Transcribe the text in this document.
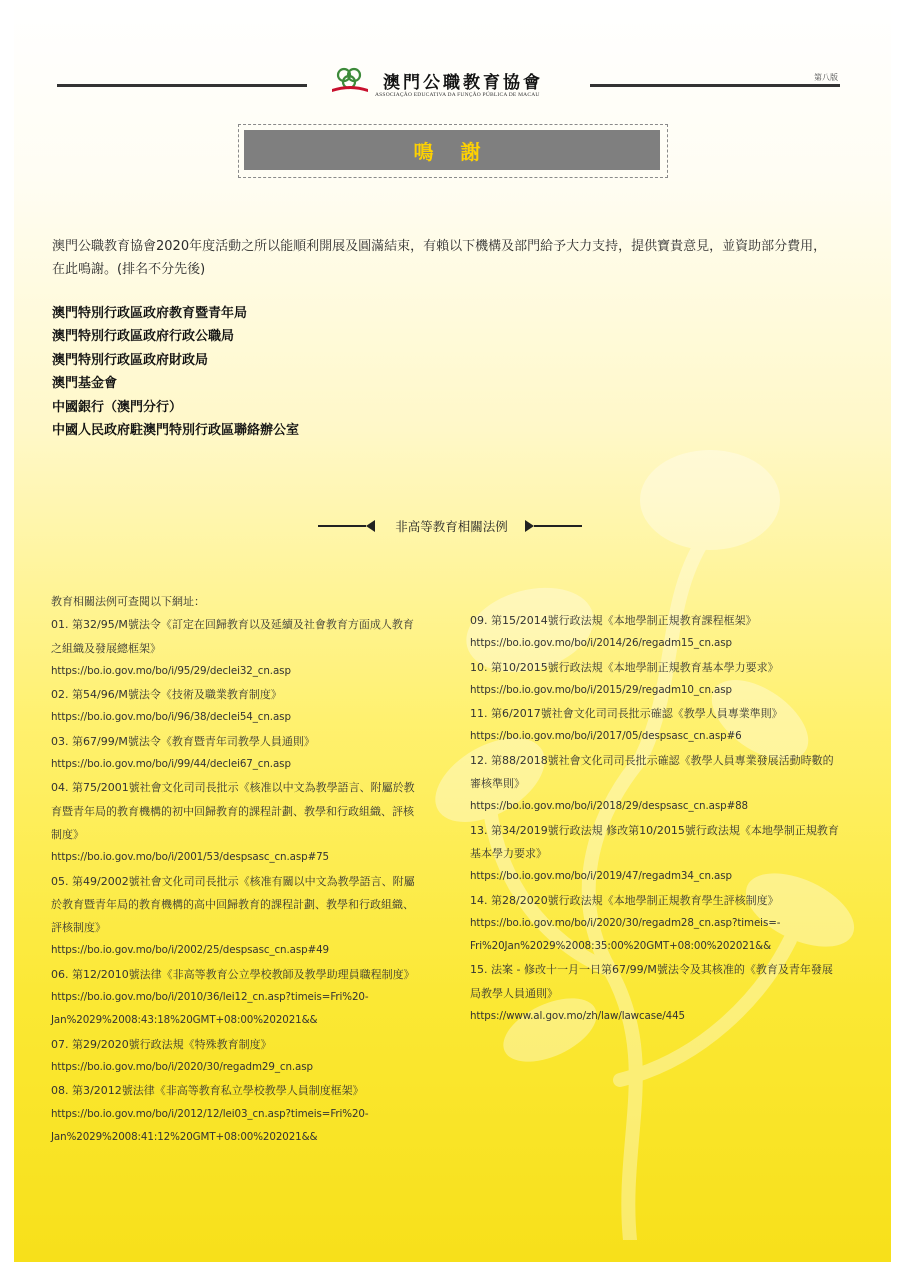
澳門公職教育協會
ASSOCIAÇÃO EDUCATIVA DA FUNÇÃO PÚBLICA DE MACAU
第八版
鳴 謝
澳門公職教育協會2020年度活動之所以能順利開展及圓滿結束，有賴以下機構及部門給予大力支持，提供寶貴意見，並資助部分費用，
在此鳴謝。(排名不分先後)
澳門特別行政區政府教育暨青年局
澳門特別行政區政府行政公職局
澳門特別行政區政府財政局
澳門基金會
中國銀行（澳門分行）
中國人民政府駐澳門特別行政區聯絡辦公室
非高等教育相關法例
教育相關法例可查閱以下網址：
01. 第32/95/M號法令《訂定在回歸教育以及延續及社會教育方面成人教育
之組織及發展總框架》
https://bo.io.gov.mo/bo/i/95/29/declei32_cn.asp
02. 第54/96/M號法令《技術及職業教育制度》
https://bo.io.gov.mo/bo/i/96/38/declei54_cn.asp
03. 第67/99/M號法令《教育暨青年司教學人員通則》
https://bo.io.gov.mo/bo/i/99/44/declei67_cn.asp
04. 第75/2001號社會文化司司長批示《核准以中文為教學語言、附屬於教
育暨青年局的教育機構的初中回歸教育的課程計劃、教學和行政組織、評核
制度》
https://bo.io.gov.mo/bo/i/2001/53/despsasc_cn.asp#75
05. 第49/2002號社會文化司司長批示《核准有關以中文為教學語言、附屬
於教育暨青年局的教育機構的高中回歸教育的課程計劃、教學和行政組織、
評核制度》
https://bo.io.gov.mo/bo/i/2002/25/despsasc_cn.asp#49
06. 第12/2010號法律《非高等教育公立學校教師及教學助理員職程制度》
https://bo.io.gov.mo/bo/i/2010/36/lei12_cn.asp?timeis=Fri%20-
Jan%2029%2008:43:18%20GMT+08:00%202021&&
07. 第29/2020號行政法規《特殊教育制度》
https://bo.io.gov.mo/bo/i/2020/30/regadm29_cn.asp
08. 第3/2012號法律《非高等教育私立學校教學人員制度框架》
https://bo.io.gov.mo/bo/i/2012/12/lei03_cn.asp?timeis=Fri%20-
Jan%2029%2008:41:12%20GMT+08:00%202021&&
09. 第15/2014號行政法規《本地學制正規教育課程框架》
https://bo.io.gov.mo/bo/i/2014/26/regadm15_cn.asp
10. 第10/2015號行政法規《本地學制正規教育基本學力要求》
https://bo.io.gov.mo/bo/i/2015/29/regadm10_cn.asp
11. 第6/2017號社會文化司司長批示確認《教學人員專業準則》
https://bo.io.gov.mo/bo/i/2017/05/despsasc_cn.asp#6
12. 第88/2018號社會文化司司長批示確認《教學人員專業發展活動時數的
審核準則》
https://bo.io.gov.mo/bo/i/2018/29/despsasc_cn.asp#88
13. 第34/2019號行政法規 修改第10/2015號行政法規《本地學制正規教育
基本學力要求》
https://bo.io.gov.mo/bo/i/2019/47/regadm34_cn.asp
14. 第28/2020號行政法規《本地學制正規教育學生評核制度》
https://bo.io.gov.mo/bo/i/2020/30/regadm28_cn.asp?timeis=-
Fri%20Jan%2029%2008:35:00%20GMT+08:00%202021&&
15. 法案 - 修改十一月一日第67/99/M號法令及其核准的《教育及青年發展
局教學人員通則》
https://www.al.gov.mo/zh/law/lawcase/445
